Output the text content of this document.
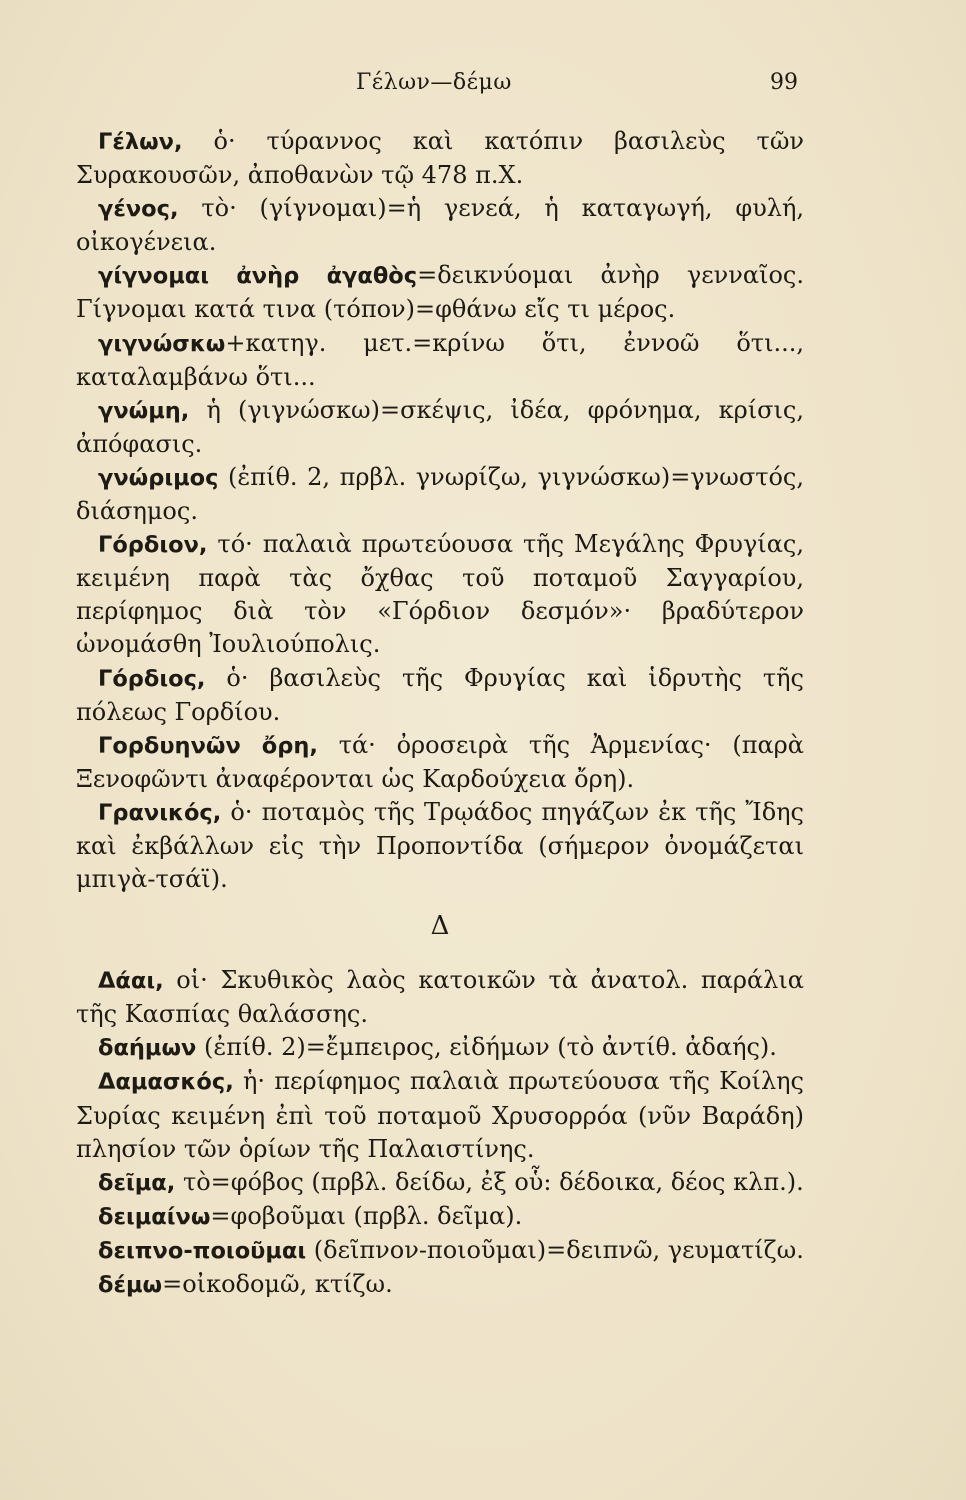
Γέλων—δέμω	99

Γέλων, ὁ· τύραννος καὶ κατόπιν βασιλεὺς τῶν Συρακουσῶν, ἀποθανὼν τῷ 478 π.Χ.

γένος, τὸ· (γίγνομαι)=ἡ γενεά, ἡ καταγωγή, φυλή, οἰκογένεια.

γίγνομαι ἀνὴρ ἀγαθὸς=δεικνύομαι ἀνὴρ γενναῖος. Γίγνομαι κατά τινα (τόπον)=φθάνω εἴς τι μέρος.

γιγνώσκω+κατηγ. μετ.=κρίνω ὅτι, ἐννοῶ ὅτι..., καταλαμβάνω ὅτι...

γνώμη, ἡ (γιγνώσκω)=σκέψις, ἰδέα, φρόνημα, κρίσις, ἀπόφασις.

γνώριμος (ἐπίθ. 2, πρβλ. γνωρίζω, γιγνώσκω)=γνωστός, διάσημος.

Γόρδιον, τό· παλαιὰ πρωτεύουσα τῆς Μεγάλης Φρυγίας, κειμένη παρὰ τὰς ὄχθας τοῦ ποταμοῦ Σαγγαρίου, περίφημος διὰ τὸν «Γόρδιον δεσμόν»· βραδύτερον ὠνομάσθη Ἰουλιούπολις.

Γόρδιος, ὁ· βασιλεὺς τῆς Φρυγίας καὶ ἱδρυτὴς τῆς πόλεως Γορδίου.

Γορδυηνῶν ὄρη, τά· ὀροσειρὰ τῆς Ἀρμενίας· (παρὰ Ξενοφῶντι ἀναφέρονται ὡς Καρδούχεια ὄρη).

Γρανικός, ὁ· ποταμὸς τῆς Τρῳάδος πηγάζων ἐκ τῆς Ἴδης καὶ ἐκβάλλων εἰς τὴν Προποντίδα (σήμερον ὀνομάζεται μπιγὰ-τσάϊ).

Δ

Δάαι, οἱ· Σκυθικὸς λαὸς κατοικῶν τὰ ἀνατολ. παράλια τῆς Κασπίας θαλάσσης.

δαήμων (ἐπίθ. 2)=ἔμπειρος, εἰδήμων (τὸ ἀντίθ. ἀδαής).

Δαμασκός, ἡ· περίφημος παλαιὰ πρωτεύουσα τῆς Κοίλης Συρίας κειμένη ἐπὶ τοῦ ποταμοῦ Χρυσορρόα (νῦν Βαράδη) πλησίον τῶν ὁρίων τῆς Παλαιστίνης.

δεῖμα, τὸ=φόβος (πρβλ. δείδω, ἐξ οὗ: δέδοικα, δέος κλπ.).

δειμαίνω=φοβοῦμαι (πρβλ. δεῖμα).

δειπνο-ποιοῦμαι (δεῖπνον-ποιοῦμαι)=δειπνῶ, γευματίζω.

δέμω=οἰκοδομῶ, κτίζω.
